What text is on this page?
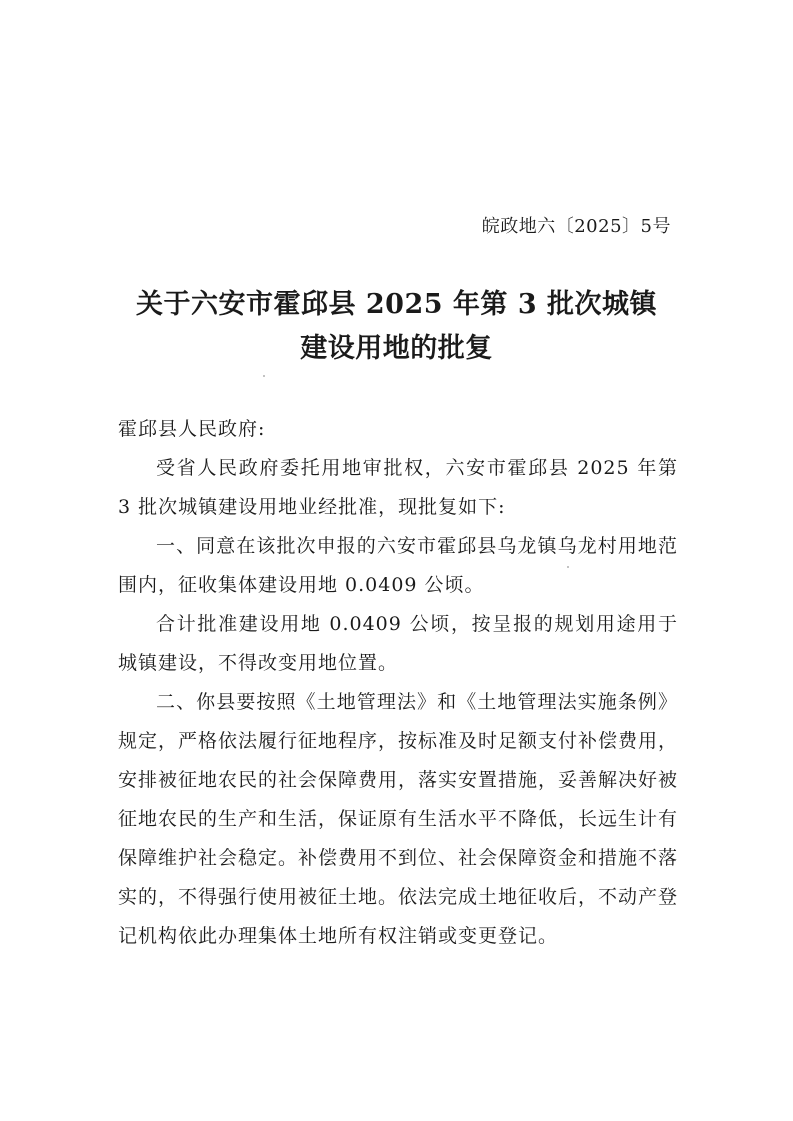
皖政地六〔2025〕5号
关于六安市霍邱县 2025 年第 3 批次城镇
建设用地的批复

霍邱县人民政府:

受省人民政府委托用地审批权，六安市霍邱县 2025 年第 3 批次城镇建设用地业经批准，现批复如下:

一、同意在该批次申报的六安市霍邱县乌龙镇乌龙村用地范围内，征收集体建设用地 0.0409 公顷。

合计批准建设用地 0.0409 公顷，按呈报的规划用途用于城镇建设，不得改变用地位置。

二、你县要按照《土地管理法》和《土地管理法实施条例》规定，严格依法履行征地程序，按标准及时足额支付补偿费用，安排被征地农民的社会保障费用，落实安置措施，妥善解决好被征地农民的生产和生活，保证原有生活水平不降低，长远生计有保障维护社会稳定。补偿费用不到位、社会保障资金和措施不落实的，不得强行使用被征土地。依法完成土地征收后，不动产登记机构依此办理集体土地所有权注销或变更登记。
